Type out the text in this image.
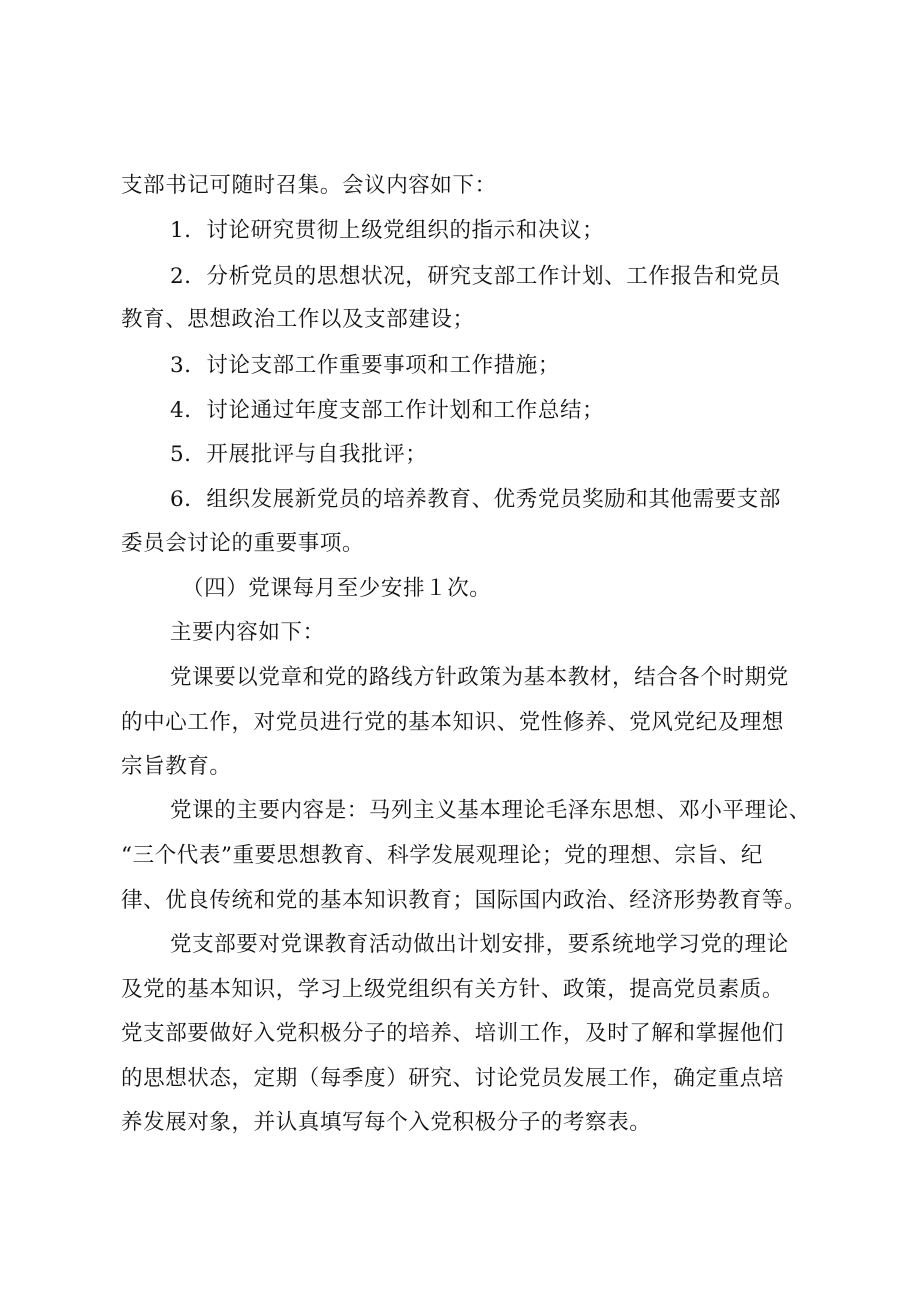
支部书记可随时召集。会议内容如下：
1．讨论研究贯彻上级党组织的指示和决议；
2．分析党员的思想状况，研究支部工作计划、工作报告和党员
教育、思想政治工作以及支部建设；
3．讨论支部工作重要事项和工作措施；
4．讨论通过年度支部工作计划和工作总结；
5．开展批评与自我批评；
6．组织发展新党员的培养教育、优秀党员奖励和其他需要支部
委员会讨论的重要事项。
（四）党课每月至少安排１次。
主要内容如下：
党课要以党章和党的路线方针政策为基本教材，结合各个时期党
的中心工作，对党员进行党的基本知识、党性修养、党风党纪及理想
宗旨教育。
党课的主要内容是：马列主义基本理论毛泽东思想、邓小平理论、
“三个代表”重要思想教育、科学发展观理论；党的理想、宗旨、纪
律、优良传统和党的基本知识教育；国际国内政治、经济形势教育等。
党支部要对党课教育活动做出计划安排，要系统地学习党的理论
及党的基本知识，学习上级党组织有关方针、政策，提高党员素质。
党支部要做好入党积极分子的培养、培训工作，及时了解和掌握他们
的思想状态，定期（每季度）研究、讨论党员发展工作，确定重点培
养发展对象，并认真填写每个入党积极分子的考察表。
